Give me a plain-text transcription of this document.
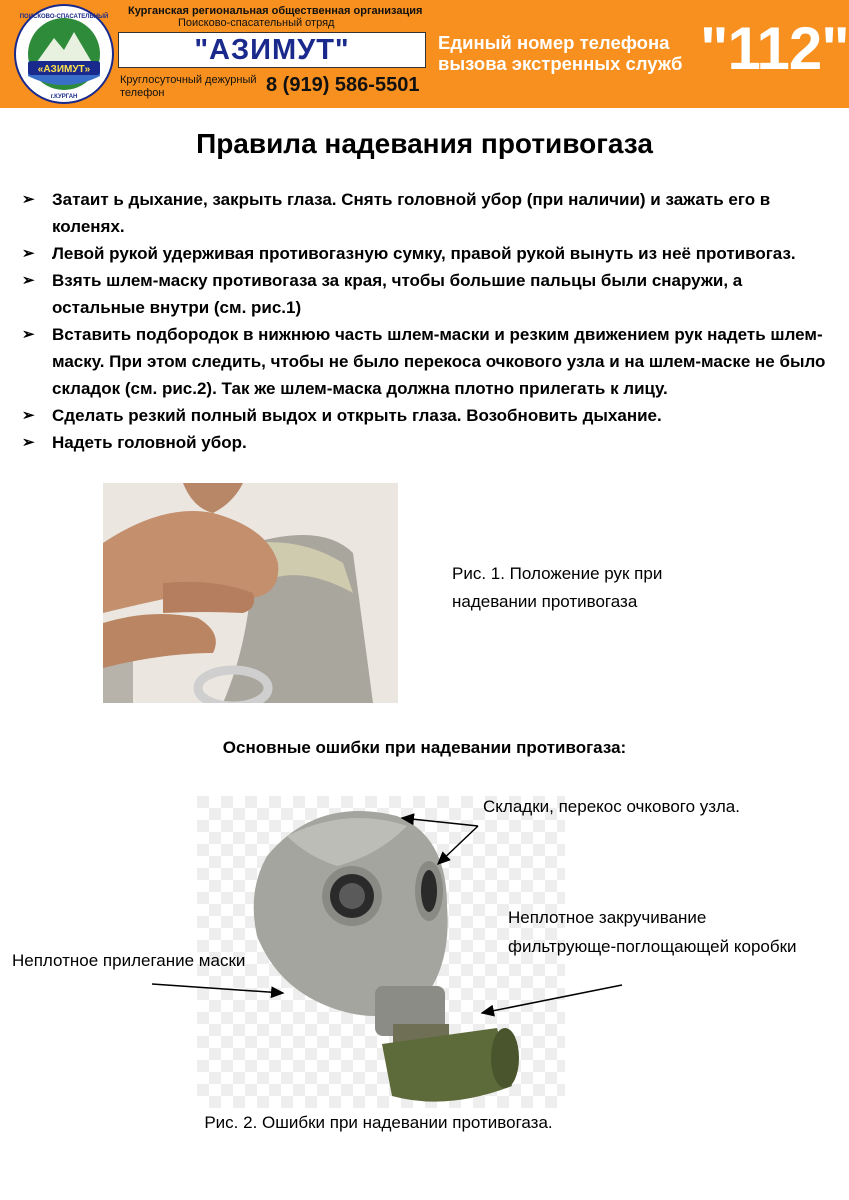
«АЗИМУТ»
ПОИСКОВО-СПАСАТЕЛЬНЫЙ
г.КУРГАН
Курганская региональная общественная организация
Поисково-спасательный отряд
"АЗИМУТ"
Круглосуточный дежурный телефон	8 (919) 586-5501
Единый номер телефона
вызова экстренных служб "112"
Правила надевания противогаза
➢ Затаит ь дыхание, закрыть глаза. Снять головной убор (при наличии) и зажать его в коленях.
➢ Левой рукой удерживая противогазную сумку, правой рукой вынуть из неё противогаз.
➢ Взять шлем-маску противогаза за края, чтобы большие пальцы были снаружи, а остальные внутри (см. рис.1)
➢ Вставить подбородок в нижнюю часть шлем-маски и резким движением рук надеть шлем-маску. При этом следить, чтобы не было перекоса очкового узла и на шлем-маске не было складок (см. рис.2). Так же шлем-маска должна плотно прилегать к лицу.
➢ Сделать резкий полный выдох и открыть глаза. Возобновить дыхание.
➢ Надеть головной убор.
Рис. 1. Положение рук при
надевании противогаза
Основные ошибки при надевании противогаза:
Складки, перекос очкового узла.
Неплотное закручивание
фильтрующе-поглощающей коробки
Неплотное прилегание маски
Рис. 2. Ошибки при надевании противогаза.
